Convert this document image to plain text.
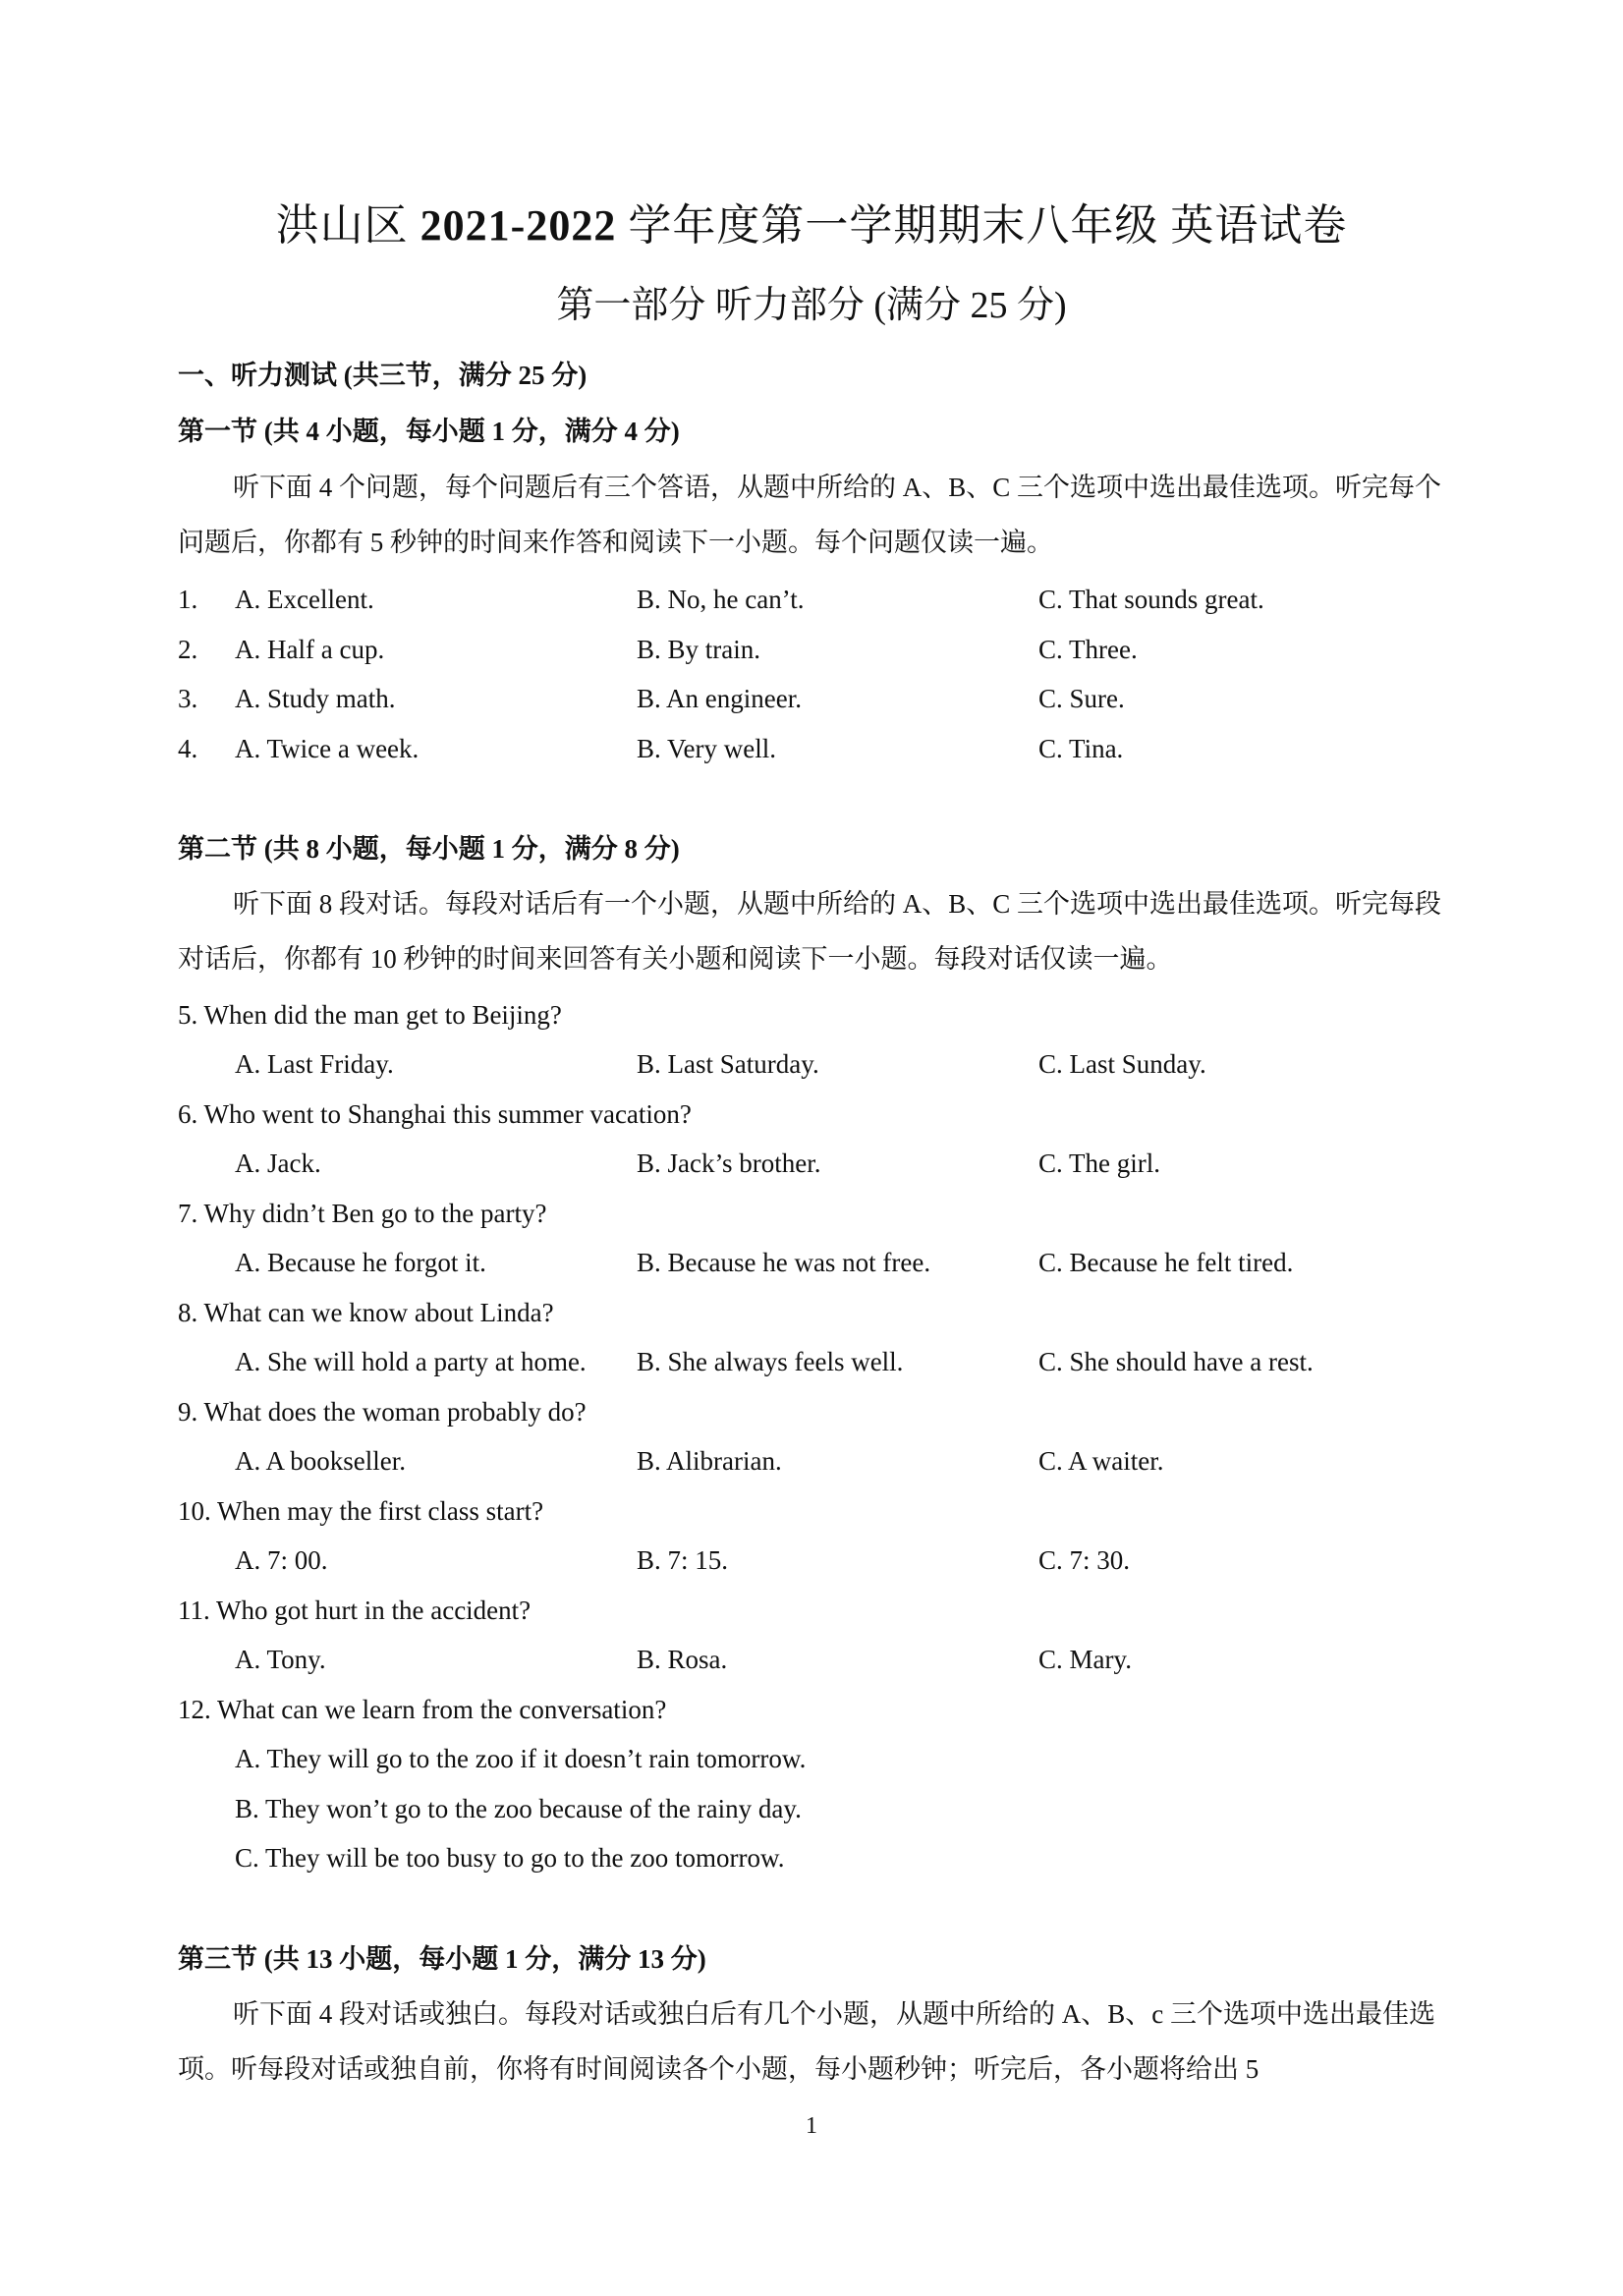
洪山区 2021-2022 学年度第一学期期末八年级 英语试卷
第一部分 听力部分 (满分 25 分)
一、听力测试 (共三节，满分 25 分)
第一节 (共 4 小题，每小题 1 分，满分 4 分)
听下面 4 个问题，每个问题后有三个答语，从题中所给的 A、B、C 三个选项中选出最佳选项。听完每个问题后，你都有 5 秒钟的时间来作答和阅读下一小题。每个问题仅读一遍。
1. A. Excellent.	B. No, he can’t.	C. That sounds great.
2. A. Half a cup.	B. By train.	C. Three.
3. A. Study math.	B. An engineer.	C. Sure.
4. A. Twice a week.	B. Very well.	C. Tina.
第二节 (共 8 小题，每小题 1 分，满分 8 分)
听下面 8 段对话。每段对话后有一个小题，从题中所给的 A、B、C 三个选项中选出最佳选项。听完每段对话后，你都有 10 秒钟的时间来回答有关小题和阅读下一小题。每段对话仅读一遍。
5. When did the man get to Beijing?
A. Last Friday.	B. Last Saturday.	C. Last Sunday.
6. Who went to Shanghai this summer vacation?
A. Jack.	B. Jack’s brother.	C. The girl.
7. Why didn’t Ben go to the party?
A. Because he forgot it.	B. Because he was not free.	C. Because he felt tired.
8. What can we know about Linda?
A. She will hold a party at home. B. She always feels well.	C. She should have a rest.
9. What does the woman probably do?
A. A bookseller.	B. Alibrarian.	C. A waiter.
10. When may the first class start?
A. 7: 00.	B. 7: 15.	C. 7: 30.
11. Who got hurt in the accident?
A. Tony.	B. Rosa.	C. Mary.
12. What can we learn from the conversation?
A. They will go to the zoo if it doesn’t rain tomorrow.
B. They won’t go to the zoo because of the rainy day.
C. They will be too busy to go to the zoo tomorrow.
第三节 (共 13 小题，每小题 1 分，满分 13 分)
听下面 4 段对话或独白。每段对话或独白后有几个小题，从题中所给的 A、B、c 三个选项中选出最佳选项。听每段对话或独自前，你将有时间阅读各个小题，每小题秒钟；听完后，各小题将给出 5
1
